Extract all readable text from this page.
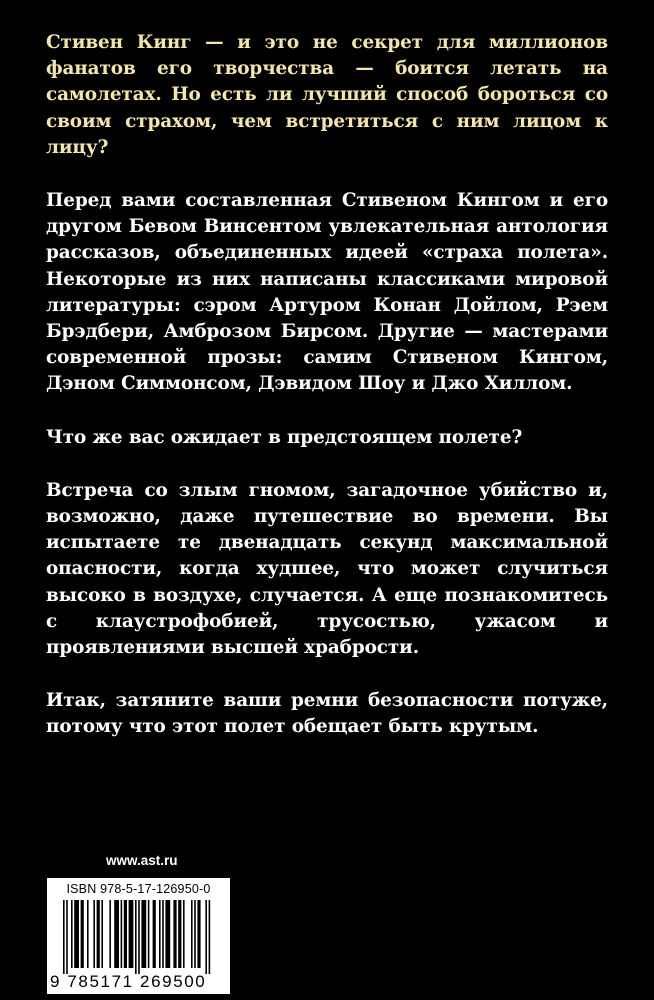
Стивен Кинг — и это не секрет для миллионов фанатов его творчества — боится летать на самолетах. Но есть ли лучший способ бороться со своим страхом, чем встретиться с ним лицом к лицу?

Перед вами составленная Стивеном Кингом и его другом Бевом Винсентом увлекательная антология рассказов, объединенных идеей «страха полета». Некоторые из них написаны классиками мировой литературы: сэром Артуром Конан Дойлом, Рэем Брэдбери, Амброзом Бирсом. Другие — мастерами современной прозы: самим Стивеном Кингом, Дэном Симмонсом, Дэвидом Шоу и Джо Хиллом.

Что же вас ожидает в предстоящем полете?

Встреча со злым гномом, загадочное убийство и, возможно, даже путешествие во времени. Вы испытаете те двенадцать секунд максимальной опасности, когда худшее, что может случиться высоко в воздухе, случается. А еще познакомитесь с клаустрофобией, трусостью, ужасом и проявлениями высшей храбрости.

Итак, затяните ваши ремни безопасности потуже, потому что этот полет обещает быть крутым.

www.ast.ru
ISBN 978-5-17-126950-0
9 785171 269500
